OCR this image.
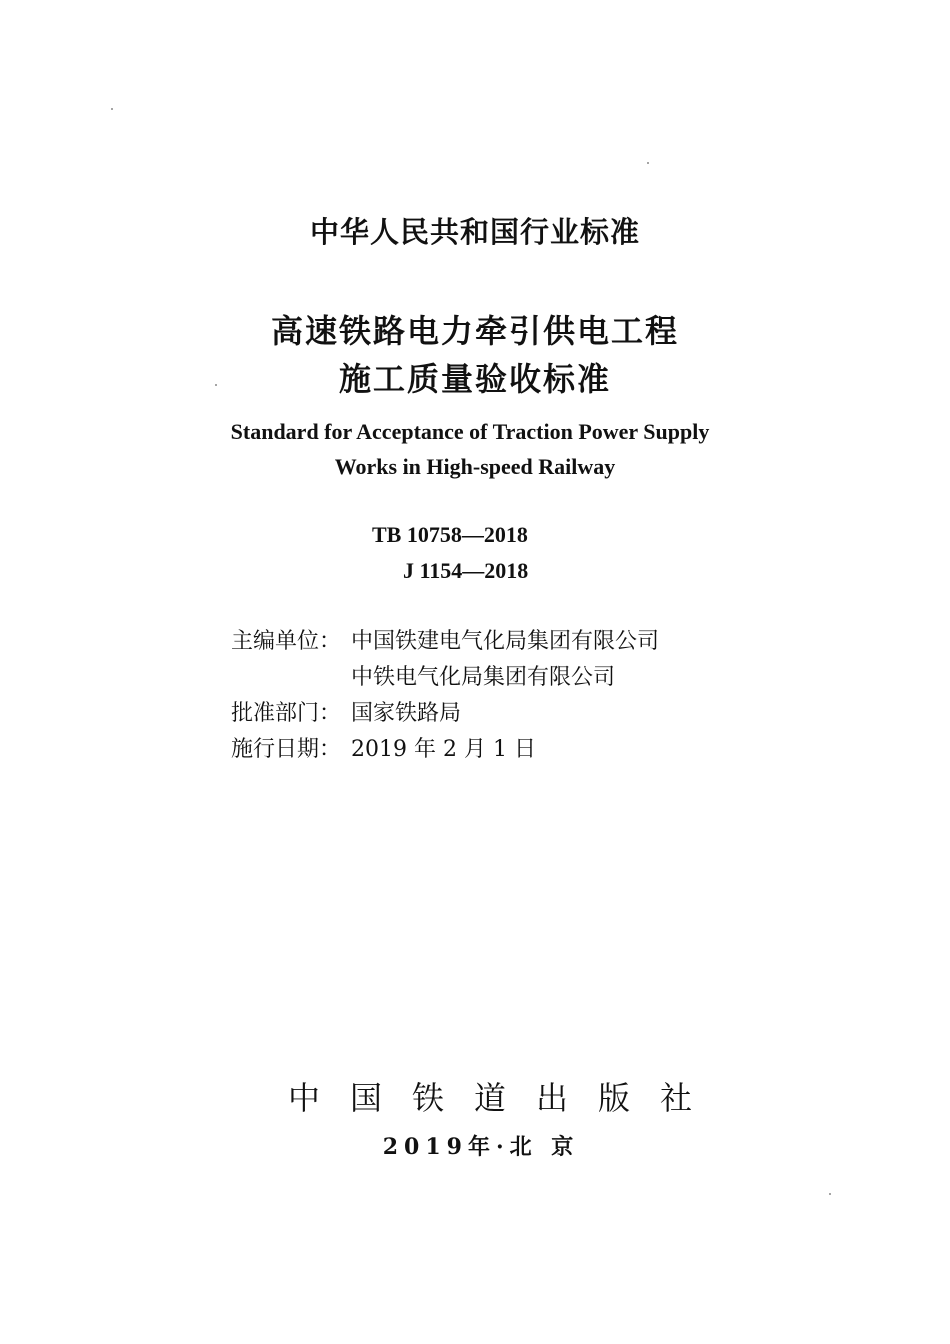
中华人民共和国行业标准
高速铁路电力牵引供电工程
施工质量验收标准
Standard for Acceptance of Traction Power Supply
Works in High-speed Railway
TB 10758—2018
J 1154—2018
主编单位： 中国铁建电气化局集团有限公司
中铁电气化局集团有限公司
批准部门： 国家铁路局
施行日期： 2019 年 2 月 1 日
中国铁道出版社
2019年·北 京
